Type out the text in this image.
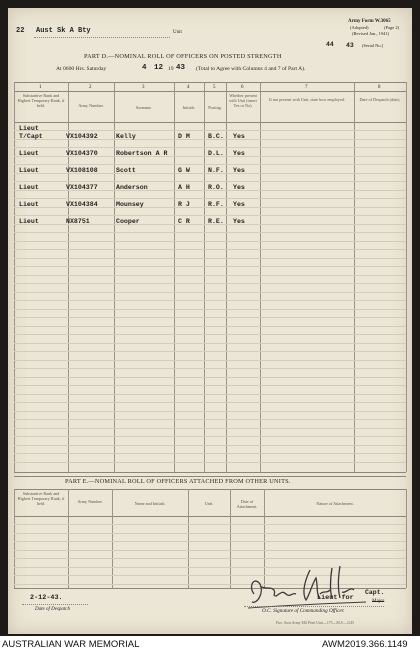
22 Aust Sk A Bty	Unit
Army Form W.3065
(Adopted)	(Page 2)
(Revised Jan., 1941)
44 43 (Serial No.)
PART D.—NOMINAL ROLL OF OFFICERS ON POSTED STRENGTH
At 0600 Hrs. Saturday	4 12 19 43 (Total to Agree with Columns 4 and 7 of Part A).
1	2	3	4	5	6	7	8
Substantive Rank and Highest Temporary Rank, if held.	Army Number.	Surname.	Initials.	Posting.
Whether present with Unit (insert Yes or No).
If not present with Unit, state how employed.	Date of Despatch (date).
Lieut
T/Capt	VX104392	Kelly	D M	B.C. Yes
Lieut	VX104370	Robertson A R	D.L. Yes
Lieut	VX108108	Scott	G W	N.F. Yes
Lieut	VX104377	Anderson	A H	R.O. Yes
Lieut	VX104384	Mounsey	R J	R.F. Yes
Lieut	NX8751	Cooper	C R	R.E. Yes
PART E.—NOMINAL ROLL OF OFFICERS ATTACHED FROM OTHER UNITS.
Substantive Rank and Highest Temporary Rank, if held.	Army Number.	Name and Initials.	Unit.	Date of Attachment.
Nature of Attachment.
2-12-43.
Date of Despatch
Lieut for
Capt.
Major
O.C. Signature of Commanding Officer.
Fire. Aust Army Mil Print Unit—175—M.S.—G45
AUSTRALIAN WAR MEMORIAL	AWM2019.366.1149
